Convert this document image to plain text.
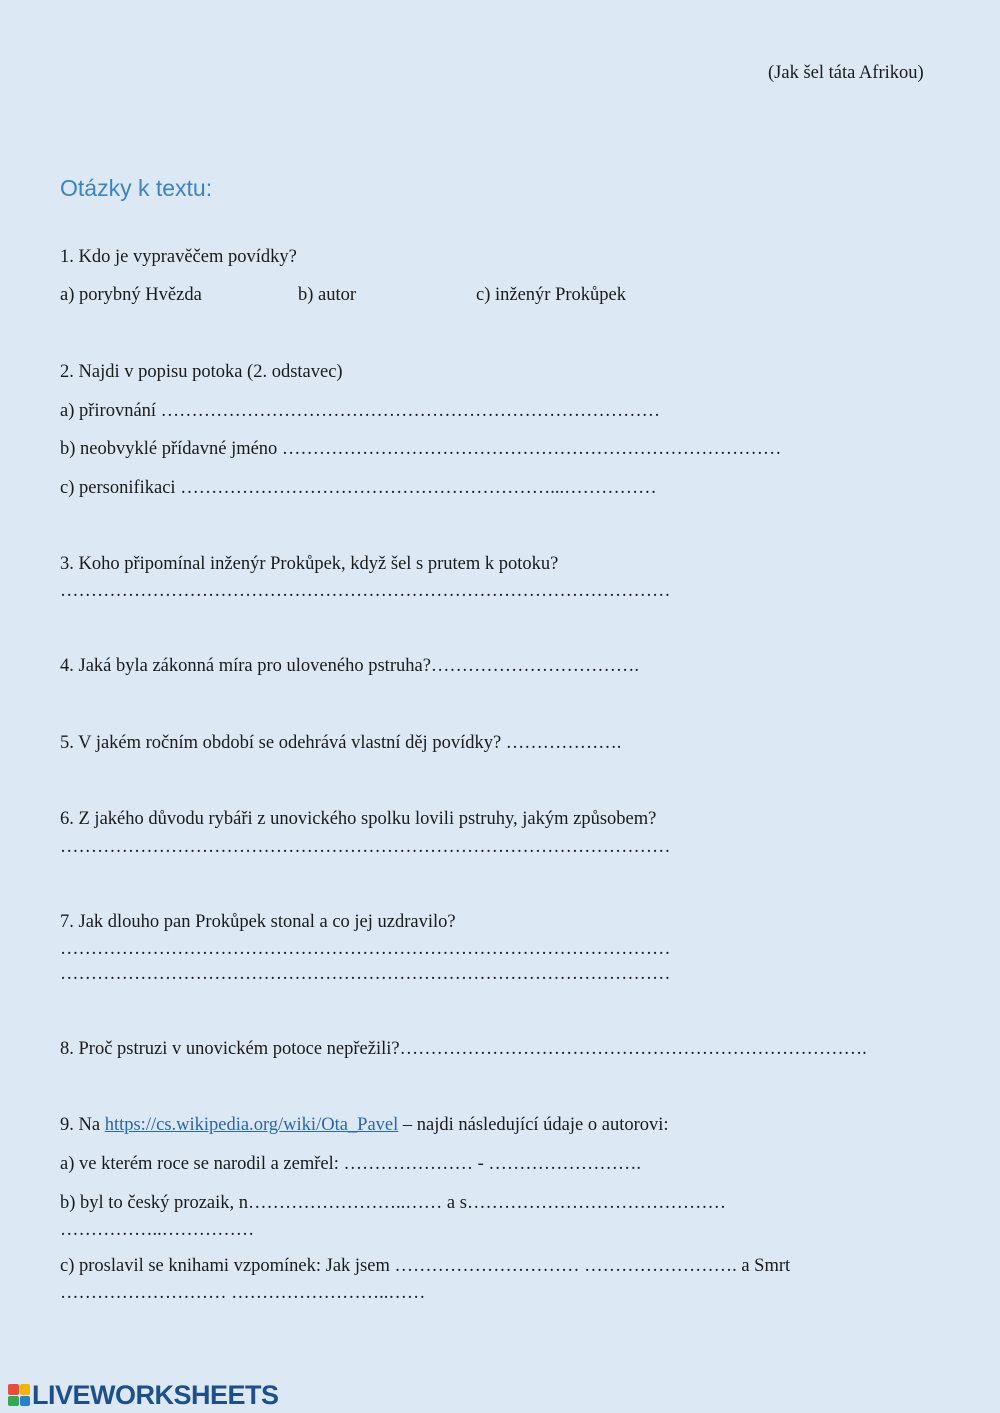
(Jak šel táta Afrikou)
Otázky k textu:
1. Kdo je vypravěčem povídky?
a) porybný Hvězda	b) autor	c) inženýr Prokůpek
2. Najdi v popisu potoka (2. odstavec)
a) přirovnání ………………………………………………………………………
b) neobvyklé přídavné jméno ………………………………………………………………………
c) personifikaci ……………………………………………………...……………
3. Koho připomínal inženýr Prokůpek, když šel s prutem k potoku?
………………………………………………………………………………………
4. Jaká byla zákonná míra pro uloveného pstruha?…………………………….
5. V jakém ročním období se odehrává vlastní děj povídky? ……………….
6. Z jakého důvodu rybáři z unovického spolku lovili pstruhy, jakým způsobem?
………………………………………………………………………………………
7. Jak dlouho pan Prokůpek stonal a co jej uzdravilo?
………………………………………………………………………………………
………………………………………………………………………………………
8. Proč pstruzi v unovickém potoce nepřežili?………………………………………………………………….
9. Na https://cs.wikipedia.org/wiki/Ota_Pavel – najdi následující údaje o autorovi:
a) ve kterém roce se narodil a zemřel: ………………… - …………………….
b) byl to český prozaik, n……………………..…… a s……………………………………
……………..……………
c) proslavil se knihami vzpomínek: Jak jsem ………………………… ……………………. a Smrt
……………………… ……………………..……
LIVEWORKSHEETS
